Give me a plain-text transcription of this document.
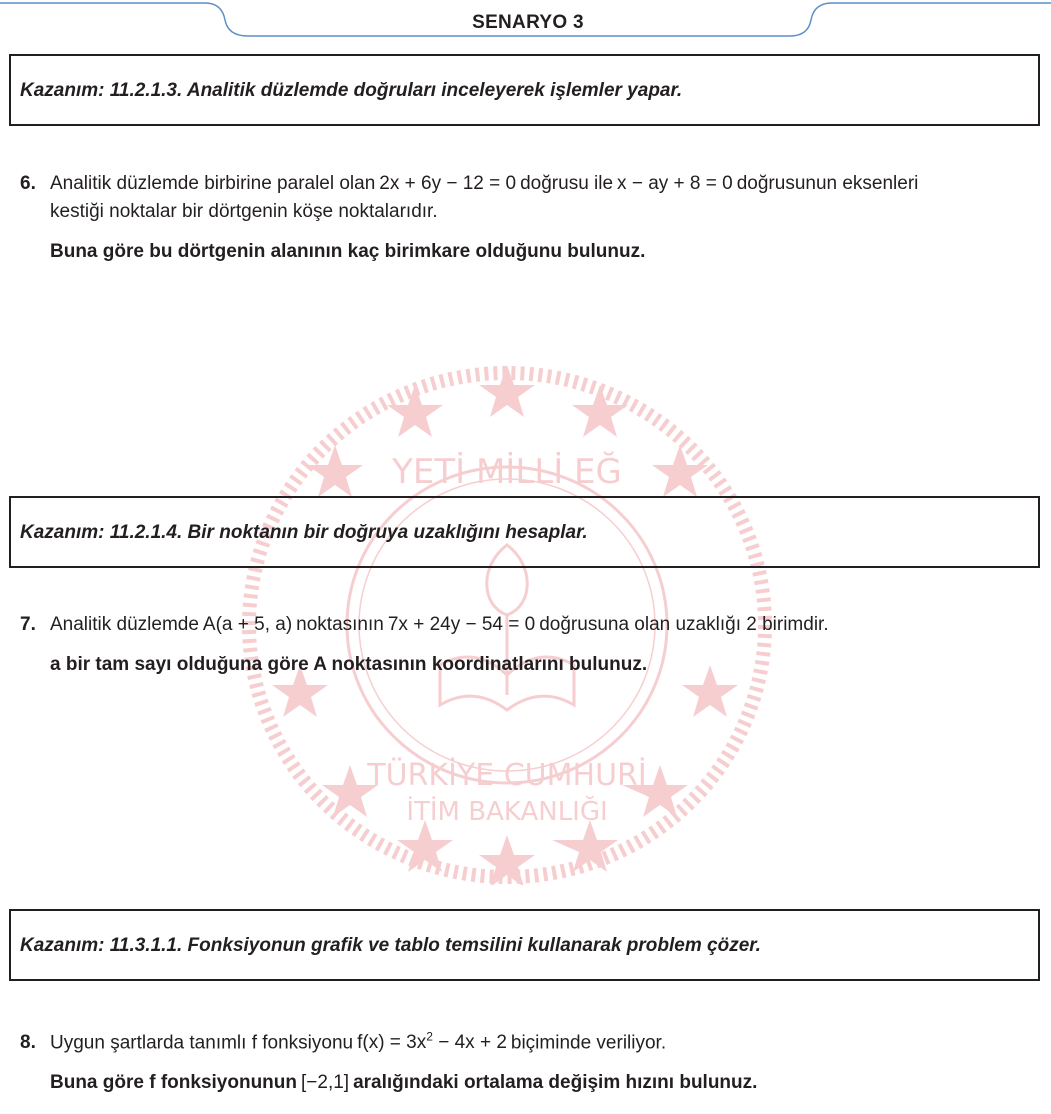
SENARYO 3
YETİ MİLLİ EĞ
TÜRKİYE CUMHURİ
İTİM BAKANLIĞI
Kazanım: 11.2.1.3. Analitik düzlemde doğruları inceleyerek işlemler yapar.
6. Analitik düzlemde birbirine paralel olan 2x + 6y − 12 = 0 doğrusu ile x − ay + 8 = 0 doğrusunun eksenleri
kestiği noktalar bir dörtgenin köşe noktalarıdır.
Buna göre bu dörtgenin alanının kaç birimkare olduğunu bulunuz.
Kazanım: 11.2.1.4. Bir noktanın bir doğruya uzaklığını hesaplar.
7. Analitik düzlemde A(a + 5, a) noktasının 7x + 24y − 54 = 0 doğrusuna olan uzaklığı 2 birimdir.
a bir tam sayı olduğuna göre A noktasının koordinatlarını bulunuz.
Kazanım: 11.3.1.1. Fonksiyonun grafik ve tablo temsilini kullanarak problem çözer.
8. Uygun şartlarda tanımlı f fonksiyonu $f(x) = 3x^2 - 4x + 2$ biçiminde veriliyor.
Buna göre f fonksiyonunun [−2,1] aralığındaki ortalama değişim hızını bulunuz.
